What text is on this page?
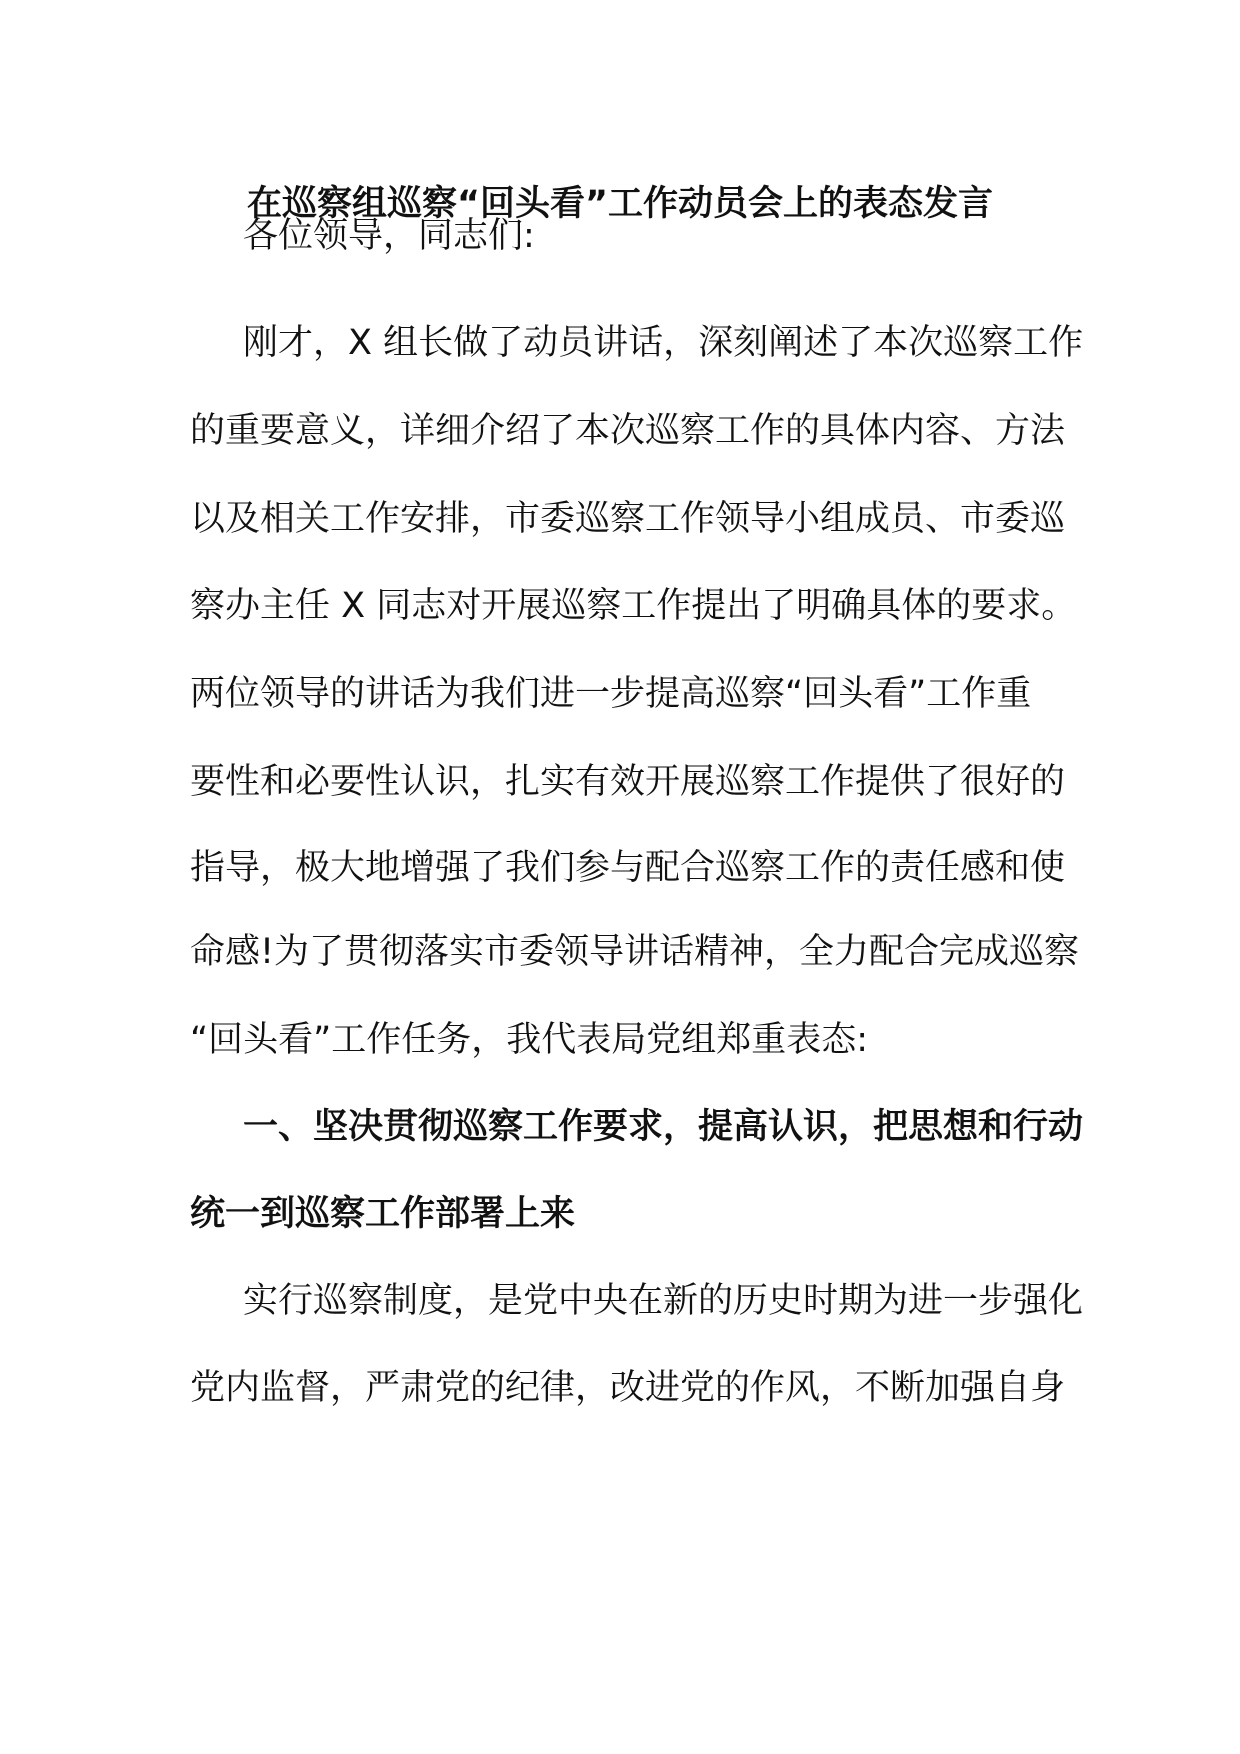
在巡察组巡察“回头看”工作动员会上的表态发言
各位领导，同志们:
刚才，X 组长做了动员讲话，深刻阐述了本次巡察工作
的重要意义，详细介绍了本次巡察工作的具体内容、方法
以及相关工作安排，市委巡察工作领导小组成员、市委巡
察办主任 X 同志对开展巡察工作提出了明确具体的要求。
两位领导的讲话为我们进一步提高巡察“回头看”工作重
要性和必要性认识，扎实有效开展巡察工作提供了很好的
指导，极大地增强了我们参与配合巡察工作的责任感和使
命感!为了贯彻落实市委领导讲话精神，全力配合完成巡察
“回头看”工作任务，我代表局党组郑重表态:
一、坚决贯彻巡察工作要求，提高认识，把思想和行动
统一到巡察工作部署上来
实行巡察制度，是党中央在新的历史时期为进一步强化
党内监督，严肃党的纪律，改进党的作风，不断加强自身
